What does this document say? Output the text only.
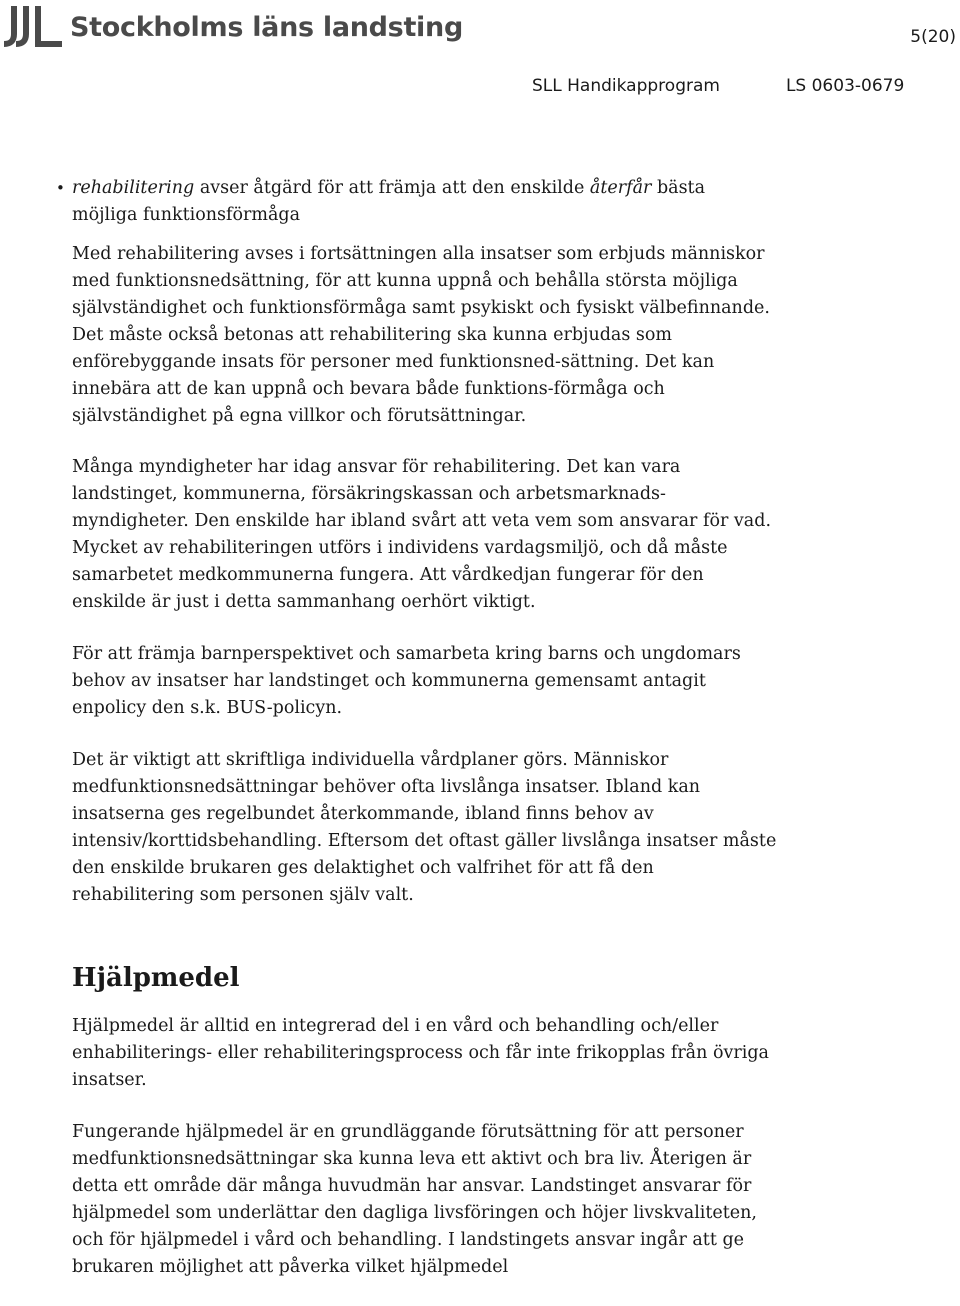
Stockholms läns landsting	5(20)
SLL Handikapprogram	LS 0603-0679
• rehabilitering avser åtgärd för att främja att den enskilde återfår bästa möjliga funktionsförmåga

Med rehabilitering avses i fortsättningen alla insatser som erbjuds människor med funktionsnedsättning, för att kunna uppnå och behålla största möjliga självständighet och funktionsförmåga samt psykiskt och fysiskt välbefinnande. Det måste också betonas att rehabilitering ska kunna erbjudas som enförebyggande insats för personer med funktionsned-sättning. Det kan innebära att de kan uppnå och bevara både funktions-förmåga och självständighet på egna villkor och förutsättningar.

Många myndigheter har idag ansvar för rehabilitering. Det kan vara landstinget, kommunerna, försäkringskassan och arbetsmarknads-myndigheter. Den enskilde har ibland svårt att veta vem som ansvarar för vad. Mycket av rehabiliteringen utförs i individens vardagsmiljö, och då måste samarbetet medkommunerna fungera. Att vårdkedjan fungerar för den enskilde är just i detta sammanhang oerhört viktigt.

För att främja barnperspektivet och samarbeta kring barns och ungdomars behov av insatser har landstinget och kommunerna gemensamt antagit enpolicy den s.k. BUS-policyn.

Det är viktigt att skriftliga individuella vårdplaner görs. Människor medfunktionsnedsättningar behöver ofta livslånga insatser. Ibland kan insatserna ges regelbundet återkommande, ibland finns behov av intensiv/korttidsbehandling. Eftersom det oftast gäller livslånga insatser måste den enskilde brukaren ges delaktighet och valfrihet för att få den rehabilitering som personen själv valt.

Hjälpmedel

Hjälpmedel är alltid en integrerad del i en vård och behandling och/eller enhabiliterings- eller rehabiliteringsprocess och får inte frikopplas från övriga insatser.

Fungerande hjälpmedel är en grundläggande förutsättning för att personer medfunktionsnedsättningar ska kunna leva ett aktivt och bra liv. Återigen är detta ett område där många huvudmän har ansvar. Landstinget ansvarar för hjälpmedel som underlättar den dagliga livsföringen och höjer livskvaliteten, och för hjälpmedel i vård och behandling. I landstingets ansvar ingår att ge brukaren möjlighet att påverka vilket hjälpmedel
